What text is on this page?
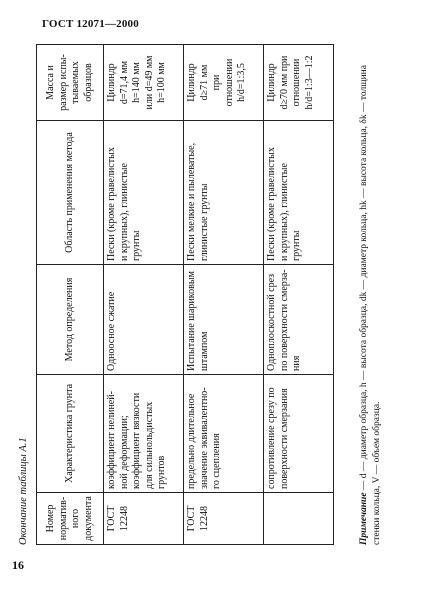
ГОСТ 12071—2000
Окончание таблицы А.1 Номер
норматив-
ного
документа	Характеристика грунта	Метод определения	Область применения метода	Масса и
размер испы-
тываемых
образцов
ГОСТ
12248	коэффициент нелиней-
ной деформации;
коэффициент вязкости
для сильнольдистых
грунтов	Одноосное сжатие	Пески (кроме гравелистых
и крупных), глинистые
грунты	Цилиндр
d=71,4 мм
h=140 мм
или d=49 мм
h=100 мм
ГОСТ
12248	предельно длительное
значение эквивалентно-
го сцепления	Испытание шариковым
штампом	Пески мелкие и пылеватые,
глинистые грунты	Цилиндр
d≥71 мм
при
отношении
h/d=1:3,5
	сопротивление срезу по
поверхности смерзания	Одноплоскостной срез
по поверхности смерза-
ния	Пески (кроме гравелистых
и крупных), глинистые
грунты	Цилиндр
d≥70 мм при
отношении
h/d=1:3—1:2
Примечание — d — диаметр образца, h — высота образца, dk — диаметр кольца, hk — высота кольца, δk — толщина стенки кольца, V — объем образца.
16
